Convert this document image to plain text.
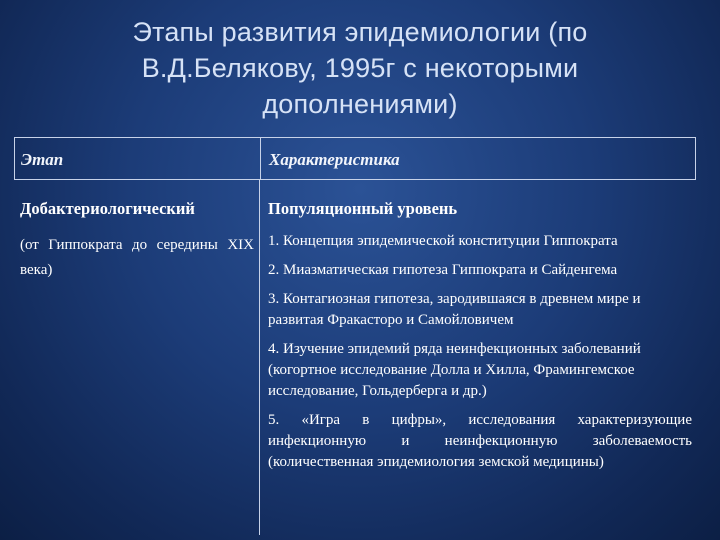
Этапы развития эпидемиологии (по В.Д.Белякову, 1995г с некоторыми дополнениями)
Этап	Характеристика
Добактериологический
(от Гиппократа до середины XIX века)
Популяционный уровень
1. Концепция эпидемической конституции Гиппократа
2. Миазматическая гипотеза Гиппократа и Сайденгема
3. Контагиозная гипотеза, зародившаяся в древнем мире и развитая Фракасторо и Самойловичем
4. Изучение эпидемий ряда неинфекционных заболеваний (когортное исследование Долла и Хилла, Фрамингемское исследование, Гольдерберга и др.)
5. «Игра в цифры», исследования характеризующие инфекционную и неинфекционную заболеваемость (количественная эпидемиология земской медицины)
